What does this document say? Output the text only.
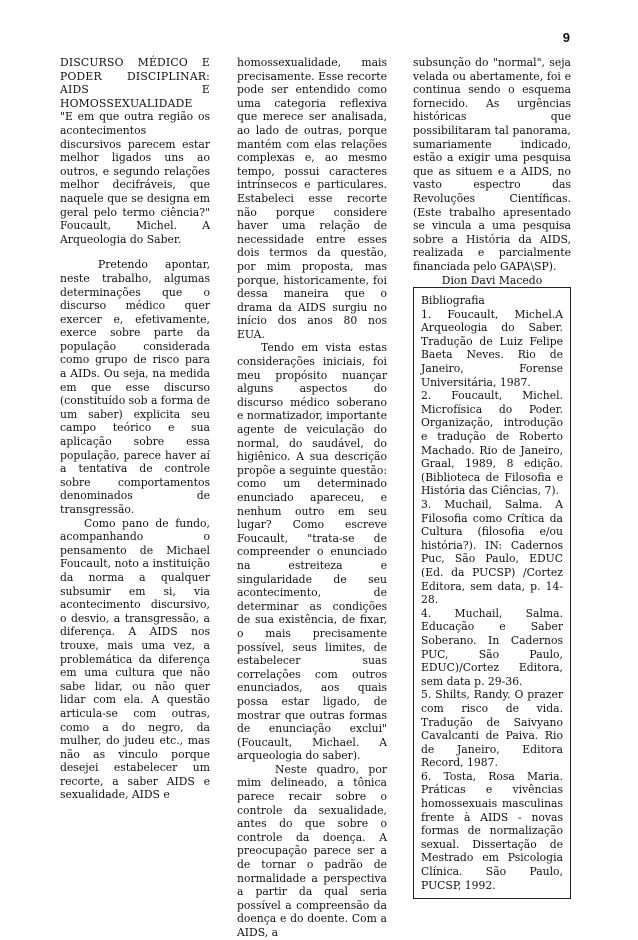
9

DISCURSO MÉDICO E PODER DISCIPLINAR: AIDS E HOMOSSEXUALIDADE

"E em que outra região os acontecimentos discursivos parecem estar melhor ligados uns ao outros, e segundo relações melhor decifráveis, que naquele que se designa em geral pelo termo ciência?" Foucault, Michel. A Arqueologia do Saber.

Pretendo apontar, neste trabalho, algumas determinações que o discurso médico quer exercer e, efetivamente, exerce sobre parte da população considerada como grupo de risco para a AIDs. Ou seja, na medida em que esse discurso (constituído sob a forma de um saber) explicita seu campo teórico e sua aplicação sobre essa população, parece haver aí a tentativa de controle sobre comportamentos denominados de transgressão.

Como pano de fundo, acompanhando o pensamento de Michael Foucault, noto a instituição da norma a qualquer subsumir em si, via acontecimento discursivo, o desvio, a transgressão, a diferença. A AIDS nos trouxe, mais uma vez, a problemática da diferença em uma cultura que não sabe lidar, ou não quer lidar com ela. A questão articula-se com outras, como a do negro, da mulher, do judeu etc., mas não as vinculo porque desejei estabelecer um recorte, a saber AIDS e sexualidade, AIDS e

homossexualidade, mais precisamente. Esse recorte pode ser entendido como uma categoria reflexiva que merece ser analisada, ao lado de outras, porque mantém com elas relações complexas e, ao mesmo tempo, possui caracteres intrínsecos e particulares. Estabeleci esse recorte não porque considere haver uma relação de necessidade entre esses dois termos da questão, por mim proposta, mas porque, historicamente, foi dessa maneira que o drama da AIDS surgiu no início dos anos 80 nos EUA.

Tendo em vista estas considerações iniciais, foi meu propósito nuançar alguns aspectos do discurso médico soberano e normatizador, importante agente de veiculação do normal, do saudável, do higiênico. A sua descrição propõe a seguinte questão: como um determinado enunciado apareceu, e nenhum outro em seu lugar? Como escreve Foucault, "trata-se de compreender o enunciado na estreiteza e singularidade de seu acontecimento, de determinar as condições de sua existência, de fixar, o mais precisamente possível, seus limites, de estabelecer suas correlações com outros enunciados, aos quais possa estar ligado, de mostrar que outras formas de enunciação exclui" (Foucault, Michael. A arqueologia do saber).

Neste quadro, por mim delineado, a tônica parece recair sobre o controle da sexualidade, antes do que sobre o controle da doença. A preocupação parece ser a de tornar o padrão de normalidade a perspectiva a partir da qual seria possível a compreensão da doença e do doente. Com a AIDS, a

subsunção do "normal", seja velada ou abertamente, foi e continua sendo o esquema fornecido. As urgências históricas que possibilitaram tal panorama, sumariamente indicado, estão a exigir uma pesquisa que as situem e a AIDS, no vasto espectro das Revoluções Científicas. (Este trabalho apresentado se vincula a uma pesquisa sobre a História da AIDS, realizada e parcialmente financiada pelo GAPA\SP).

Dion Davi Macedo

Bibliografia

1. Foucault, Michel.A Arqueologia do Saber. Tradução de Luiz Felipe Baeta Neves. Rio de Janeiro, Forense Universitária, 1987.

2. Foucault, Michel. Microfísica do Poder. Organização, introdução e tradução de Roberto Machado. Rio de Janeiro, Graal, 1989, 8 edição. (Biblioteca de Filosofia e História das Ciências, 7).

3. Muchail, Salma. A Filosofia como Crítica da Cultura (filosofia e/ou história?). IN: Cadernos Puc, São Paulo, EDUC (Ed. da PUCSP) /Cortez Editora, sem data, p. 14-28.

4. Muchail, Salma. Educação e Saber Soberano. In Cadernos PUC, São Paulo, EDUC)/Cortez Editora, sem data p. 29-36.

5. Shilts, Randy. O prazer com risco de vida. Tradução de Saivyano Cavalcanti de Paiva. Rio de Janeiro, Editora Record, 1987.

6. Tosta, Rosa Maria. Práticas e vivências homossexuais masculinas frente à AIDS - novas formas de normalização sexual. Dissertação de Mestrado em Psicologia Clínica. São Paulo, PUCSP, 1992.
